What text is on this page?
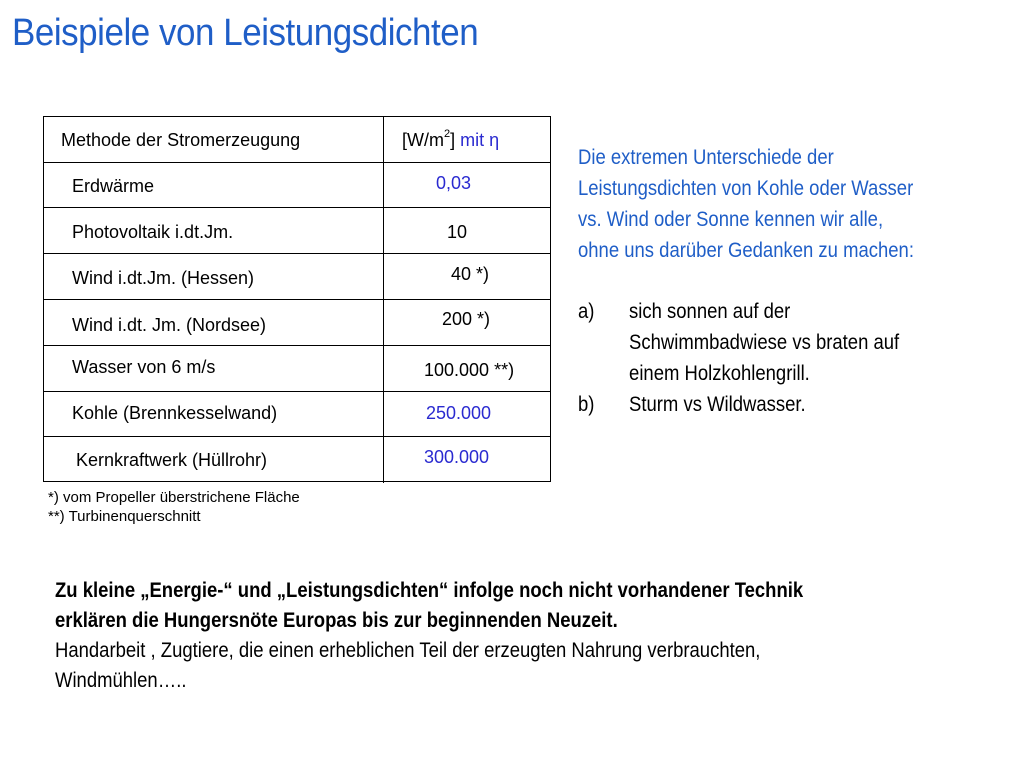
Beispiele von Leistungsdichten
Methode der Stromerzeugung	$[W/m^2]$ mit η
Erdwärme	0,03
Photovoltaik i.dt.Jm.	10
Wind i.dt.Jm. (Hessen)	40 *)
Wind i.dt. Jm. (Nordsee)	200 *)
Wasser von 6 m/s	100.000 **)
Kohle (Brennkesselwand)	250.000
Kernkraftwerk (Hüllrohr)	300.000
*) vom Propeller überstrichene Fläche
**) Turbinenquerschnitt
Die extremen Unterschiede der
Leistungsdichten von Kohle oder Wasser
vs. Wind oder Sonne kennen wir alle,
ohne uns darüber Gedanken zu machen:
a) sich sonnen auf der
Schwimmbadwiese vs braten auf
einem Holzkohlengrill.
b) Sturm vs Wildwasser.
Zu kleine „Energie-“ und „Leistungsdichten“ infolge noch nicht vorhandener Technik
erklären die Hungersnöte Europas bis zur beginnenden Neuzeit.
Handarbeit , Zugtiere, die einen erheblichen Teil der erzeugten Nahrung verbrauchten,
Windmühlen…..
